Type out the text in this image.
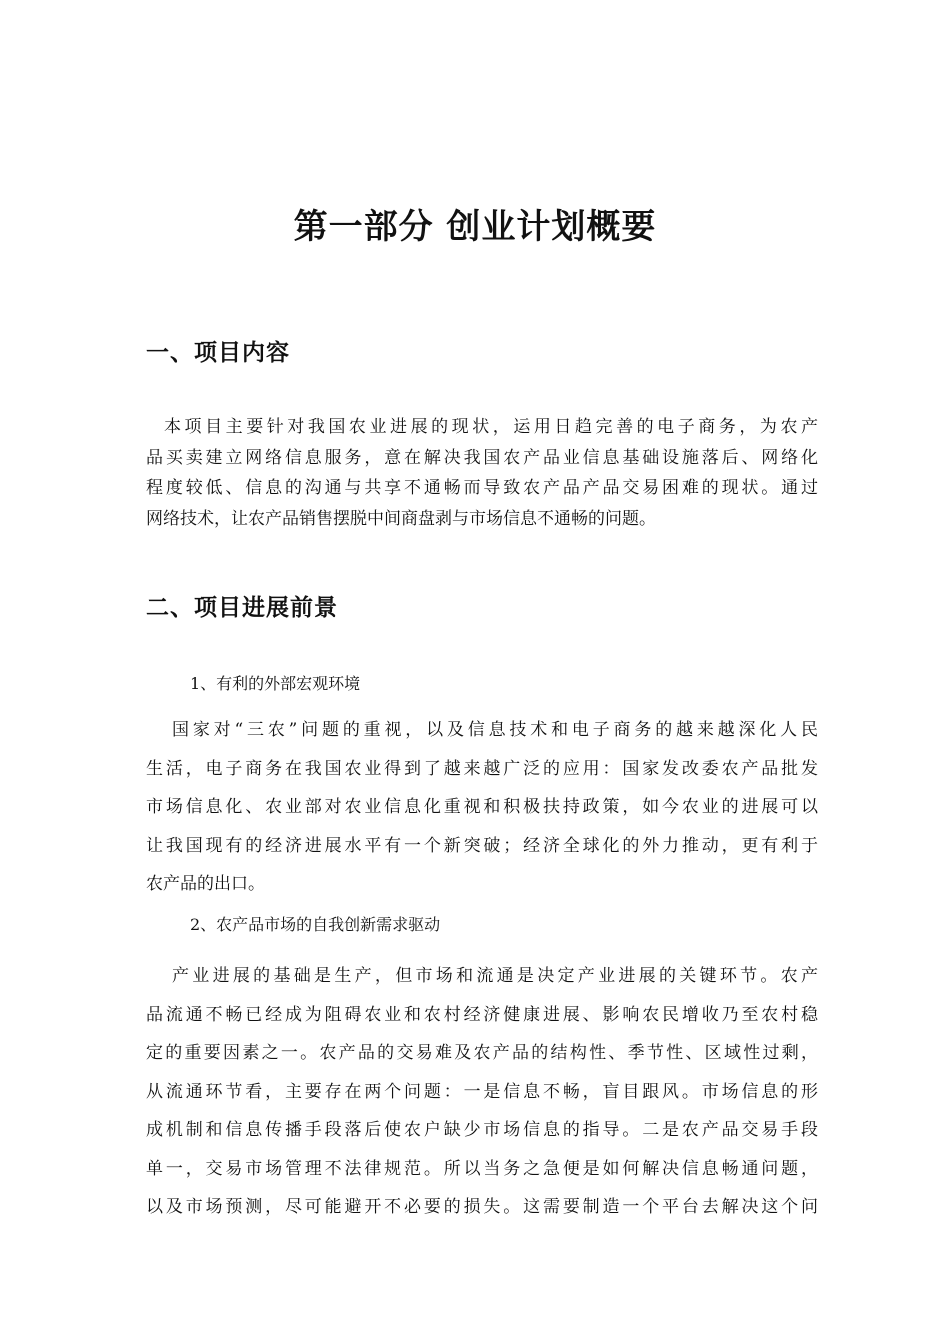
第一部分 创业计划概要
一、项目内容
本项目主要针对我国农业进展的现状，运用日趋完善的电子商务，为农产
品买卖建立网络信息服务，意在解决我国农产品业信息基础设施落后、网络化
程度较低、信息的沟通与共享不通畅而导致农产品产品交易困难的现状。通过
网络技术，让农产品销售摆脱中间商盘剥与市场信息不通畅的问题。
二、项目进展前景
1、有利的外部宏观环境
国家对“三农”问题的重视，以及信息技术和电子商务的越来越深化人民
生活，电子商务在我国农业得到了越来越广泛的应用：国家发改委农产品批发
市场信息化、农业部对农业信息化重视和积极扶持政策，如今农业的进展可以
让我国现有的经济进展水平有一个新突破；经济全球化的外力推动，更有利于
农产品的出口。
2、农产品市场的自我创新需求驱动
产业进展的基础是生产，但市场和流通是决定产业进展的关键环节。农产
品流通不畅已经成为阻碍农业和农村经济健康进展、影响农民增收乃至农村稳
定的重要因素之一。农产品的交易难及农产品的结构性、季节性、区域性过剩，
从流通环节看，主要存在两个问题：一是信息不畅，盲目跟风。市场信息的形
成机制和信息传播手段落后使农户缺少市场信息的指导。二是农产品交易手段
单一，交易市场管理不法律规范。所以当务之急便是如何解决信息畅通问题，
以及市场预测，尽可能避开不必要的损失。这需要制造一个平台去解决这个问
